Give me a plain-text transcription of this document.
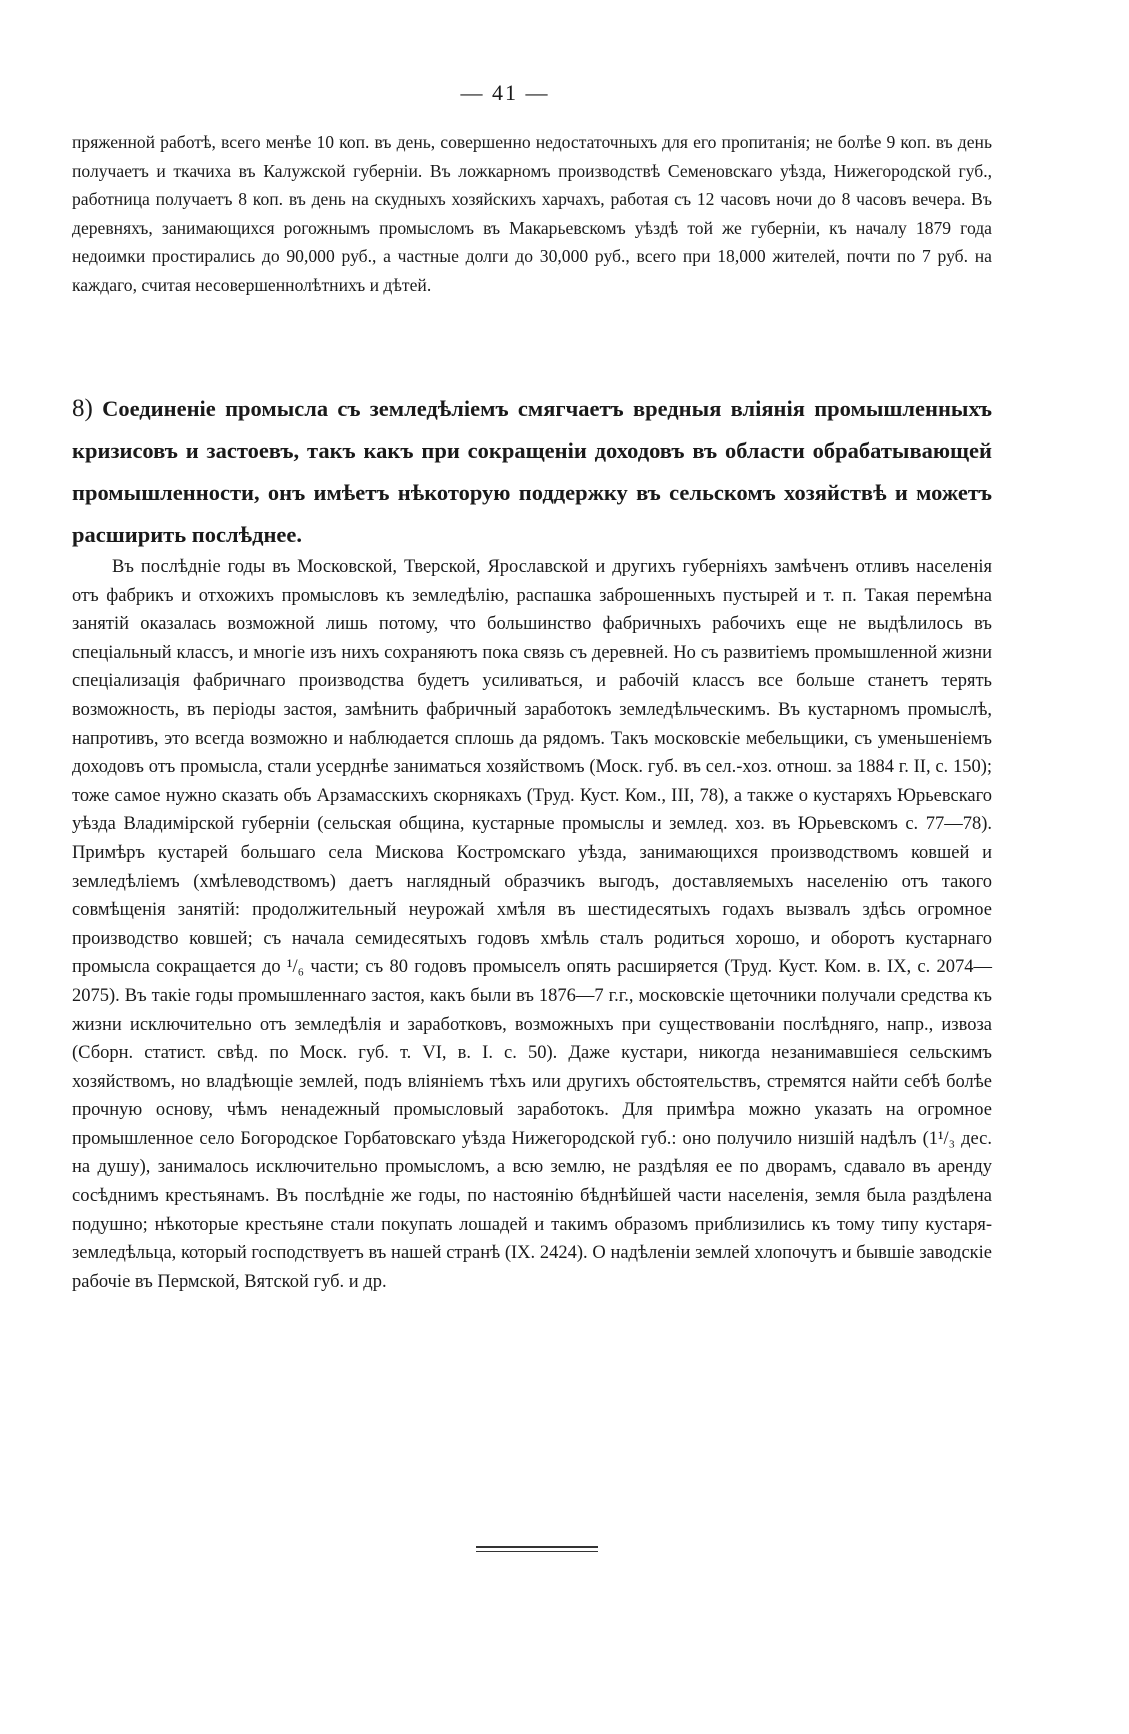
— 41 —
пряженной работѣ, всего менѣе 10 коп. въ день, совершенно недостаточныхъ для его пропитанія; не болѣе 9 коп. въ день получаетъ и ткачиха въ Калужской губерніи. Въ ложкарномъ производствѣ Семеновскаго уѣзда, Нижегородской губ., работница получаетъ 8 коп. въ день на скудныхъ хозяйскихъ харчахъ, работая съ 12 часовъ ночи до 8 часовъ вечера. Въ деревняхъ, занимающихся рогожнымъ промысломъ въ Макарьевскомъ уѣздѣ той же губерніи, къ началу 1879 года недоимки простирались до 90,000 руб., а частные долги до 30,000 руб., всего при 18,000 жителей, почти по 7 руб. на каждаго, считая несовершеннолѣтнихъ и дѣтей.
8) Соединеніе промысла съ земледѣліемъ смягчаетъ вредныя вліянія промышленныхъ кризисовъ и застоевъ, такъ какъ при сокращеніи доходовъ въ области обрабатывающей промышленности, онъ имѣетъ нѣкоторую поддержку въ сельскомъ хозяйствѣ и можетъ расширить послѣднее.
Въ послѣдніе годы въ Московской, Тверской, Ярославской и другихъ губерніяхъ замѣченъ отливъ населенія отъ фабрикъ и отхожихъ промысловъ къ земледѣлію, распашка заброшенныхъ пустырей и т. п. Такая перемѣна занятій оказалась возможной лишь потому, что большинство фабричныхъ рабочихъ еще не выдѣлилось въ спеціальный классъ, и многіе изъ нихъ сохраняютъ пока связь съ деревней. Но съ развитіемъ промышленной жизни спеціализація фабричнаго производства будетъ усиливаться, и рабочій классъ все больше станетъ терять возможность, въ періоды застоя, замѣнить фабричный заработокъ земледѣльческимъ. Въ кустарномъ промыслѣ, напротивъ, это всегда возможно и наблюдается сплошь да рядомъ. Такъ московскіе мебельщики, съ уменьшеніемъ доходовъ отъ промысла, стали усерднѣе заниматься хозяйствомъ (Моск. губ. въ сел.-хоз. отнош. за 1884 г. II, с. 150); тоже самое нужно сказать объ Арзамасскихъ скорнякахъ (Труд. Куст. Ком., III, 78), а также о кустаряхъ Юрьевскаго уѣзда Владимірской губерніи (сельская община, кустарные промыслы и землед. хоз. въ Юрьевскомъ с. 77—78). Примѣръ кустарей большаго села Мискова Костромскаго уѣзда, занимающихся производствомъ ковшей и земледѣліемъ (хмѣлеводствомъ) даетъ наглядный образчикъ выгодъ, доставляемыхъ населенію отъ такого совмѣщенія занятій: продолжительный неурожай хмѣля въ шестидесятыхъ годахъ вызвалъ здѣсь огромное производство ковшей; съ начала семидесятыхъ годовъ хмѣль сталъ родиться хорошо, и оборотъ кустарнаго промысла сокращается до ¹/₆ части; съ 80 годовъ промыселъ опять расширяется (Труд. Куст. Ком. в. IX, с. 2074—2075). Въ такіе годы промышленнаго застоя, какъ были въ 1876—7 г.г., московскіе щеточники получали средства къ жизни исключительно отъ земледѣлія и заработковъ, возможныхъ при существованіи послѣдняго, напр., извоза (Сборн. статист. свѣд. по Моск. губ. т. VI, в. I. с. 50). Даже кустари, никогда незанимавшіеся сельскимъ хозяйствомъ, но владѣющіе землей, подъ вліяніемъ тѣхъ или другихъ обстоятельствъ, стремятся найти себѣ болѣе прочную основу, чѣмъ ненадежный промысловый заработокъ. Для примѣра можно указать на огромное промышленное село Богородское Горбатовскаго уѣзда Нижегородской губ.: оно получило низшій надѣлъ (1¹/₃ дес. на душу), занималось исключительно промысломъ, а всю землю, не раздѣляя ее по дворамъ, сдавало въ аренду сосѣднимъ крестьянамъ. Въ послѣдніе же годы, по настоянію бѣднѣйшей части населенія, земля была раздѣлена подушно; нѣкоторые крестьяне стали покупать лошадей и такимъ образомъ приблизились къ тому типу кустаря-земледѣльца, который господствуетъ въ нашей странѣ (IX. 2424). О надѣленіи землей хлопочутъ и бывшіе заводскіе рабочіе въ Пермской, Вятской губ. и др.
